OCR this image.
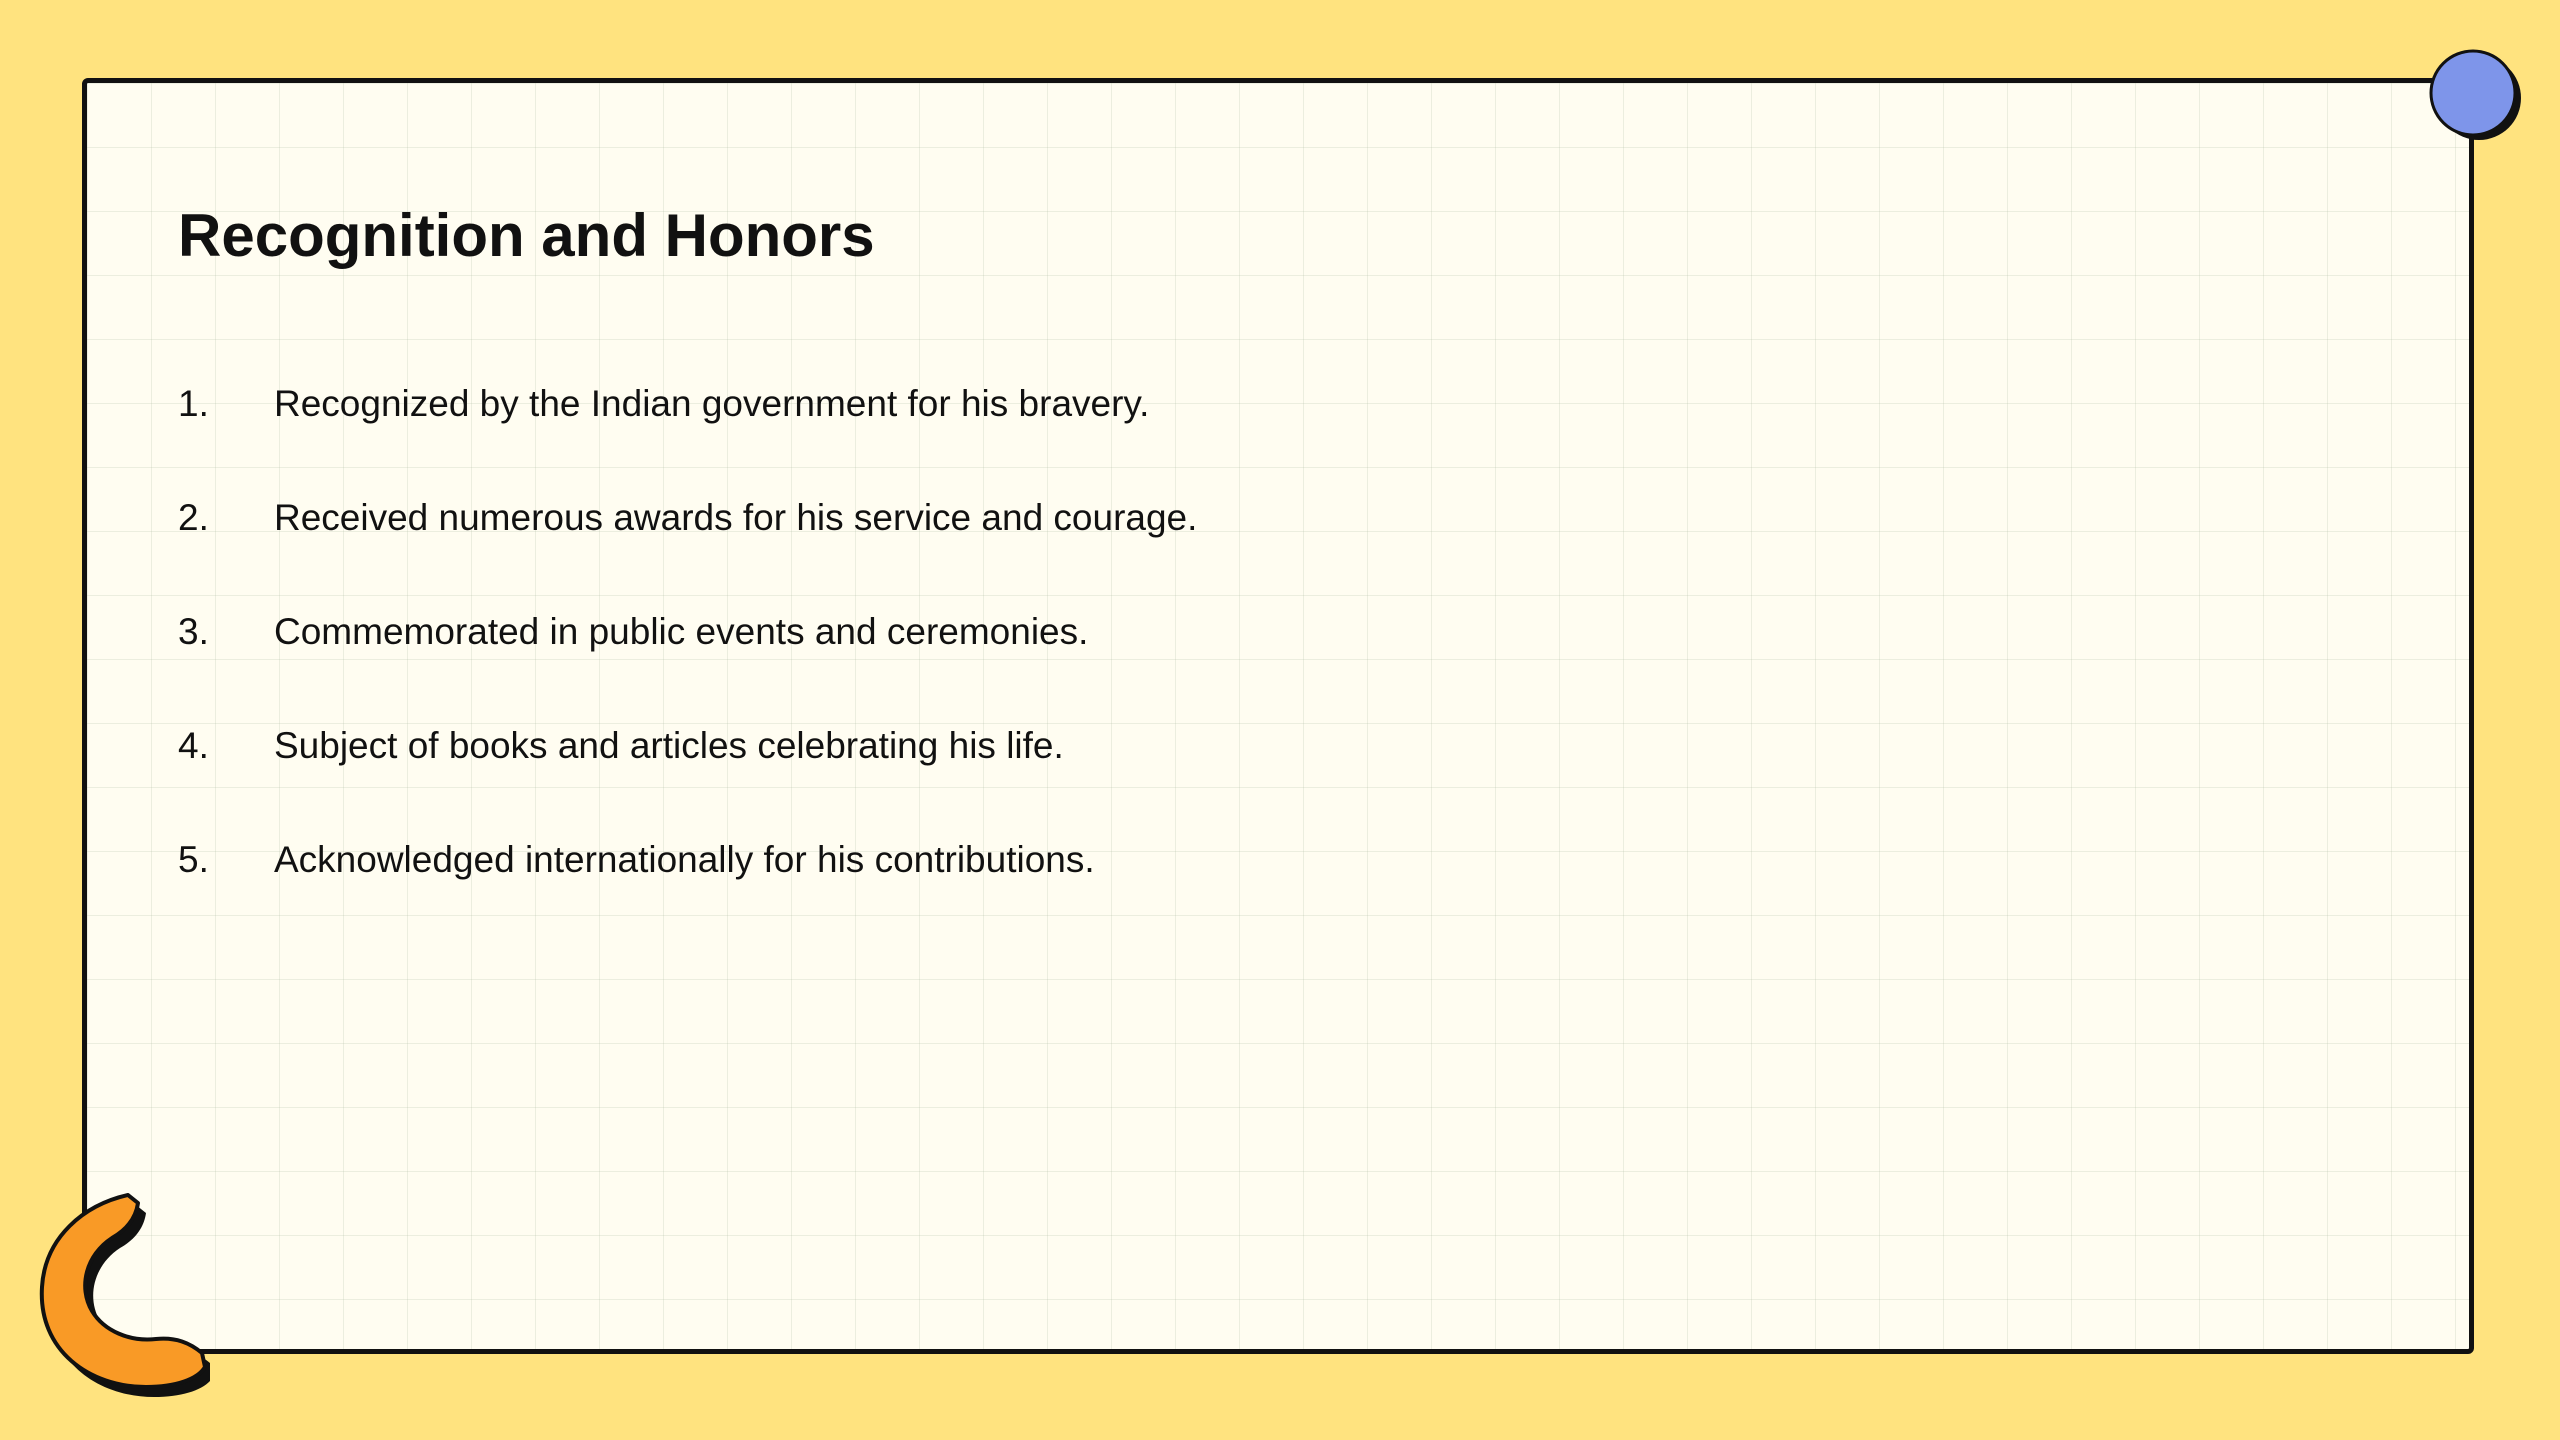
Recognition and Honors
1.	Recognized by the Indian government for his bravery.
2.	Received numerous awards for his service and courage.
3.	Commemorated in public events and ceremonies.
4.	Subject of books and articles celebrating his life.
5.	Acknowledged internationally for his contributions.
